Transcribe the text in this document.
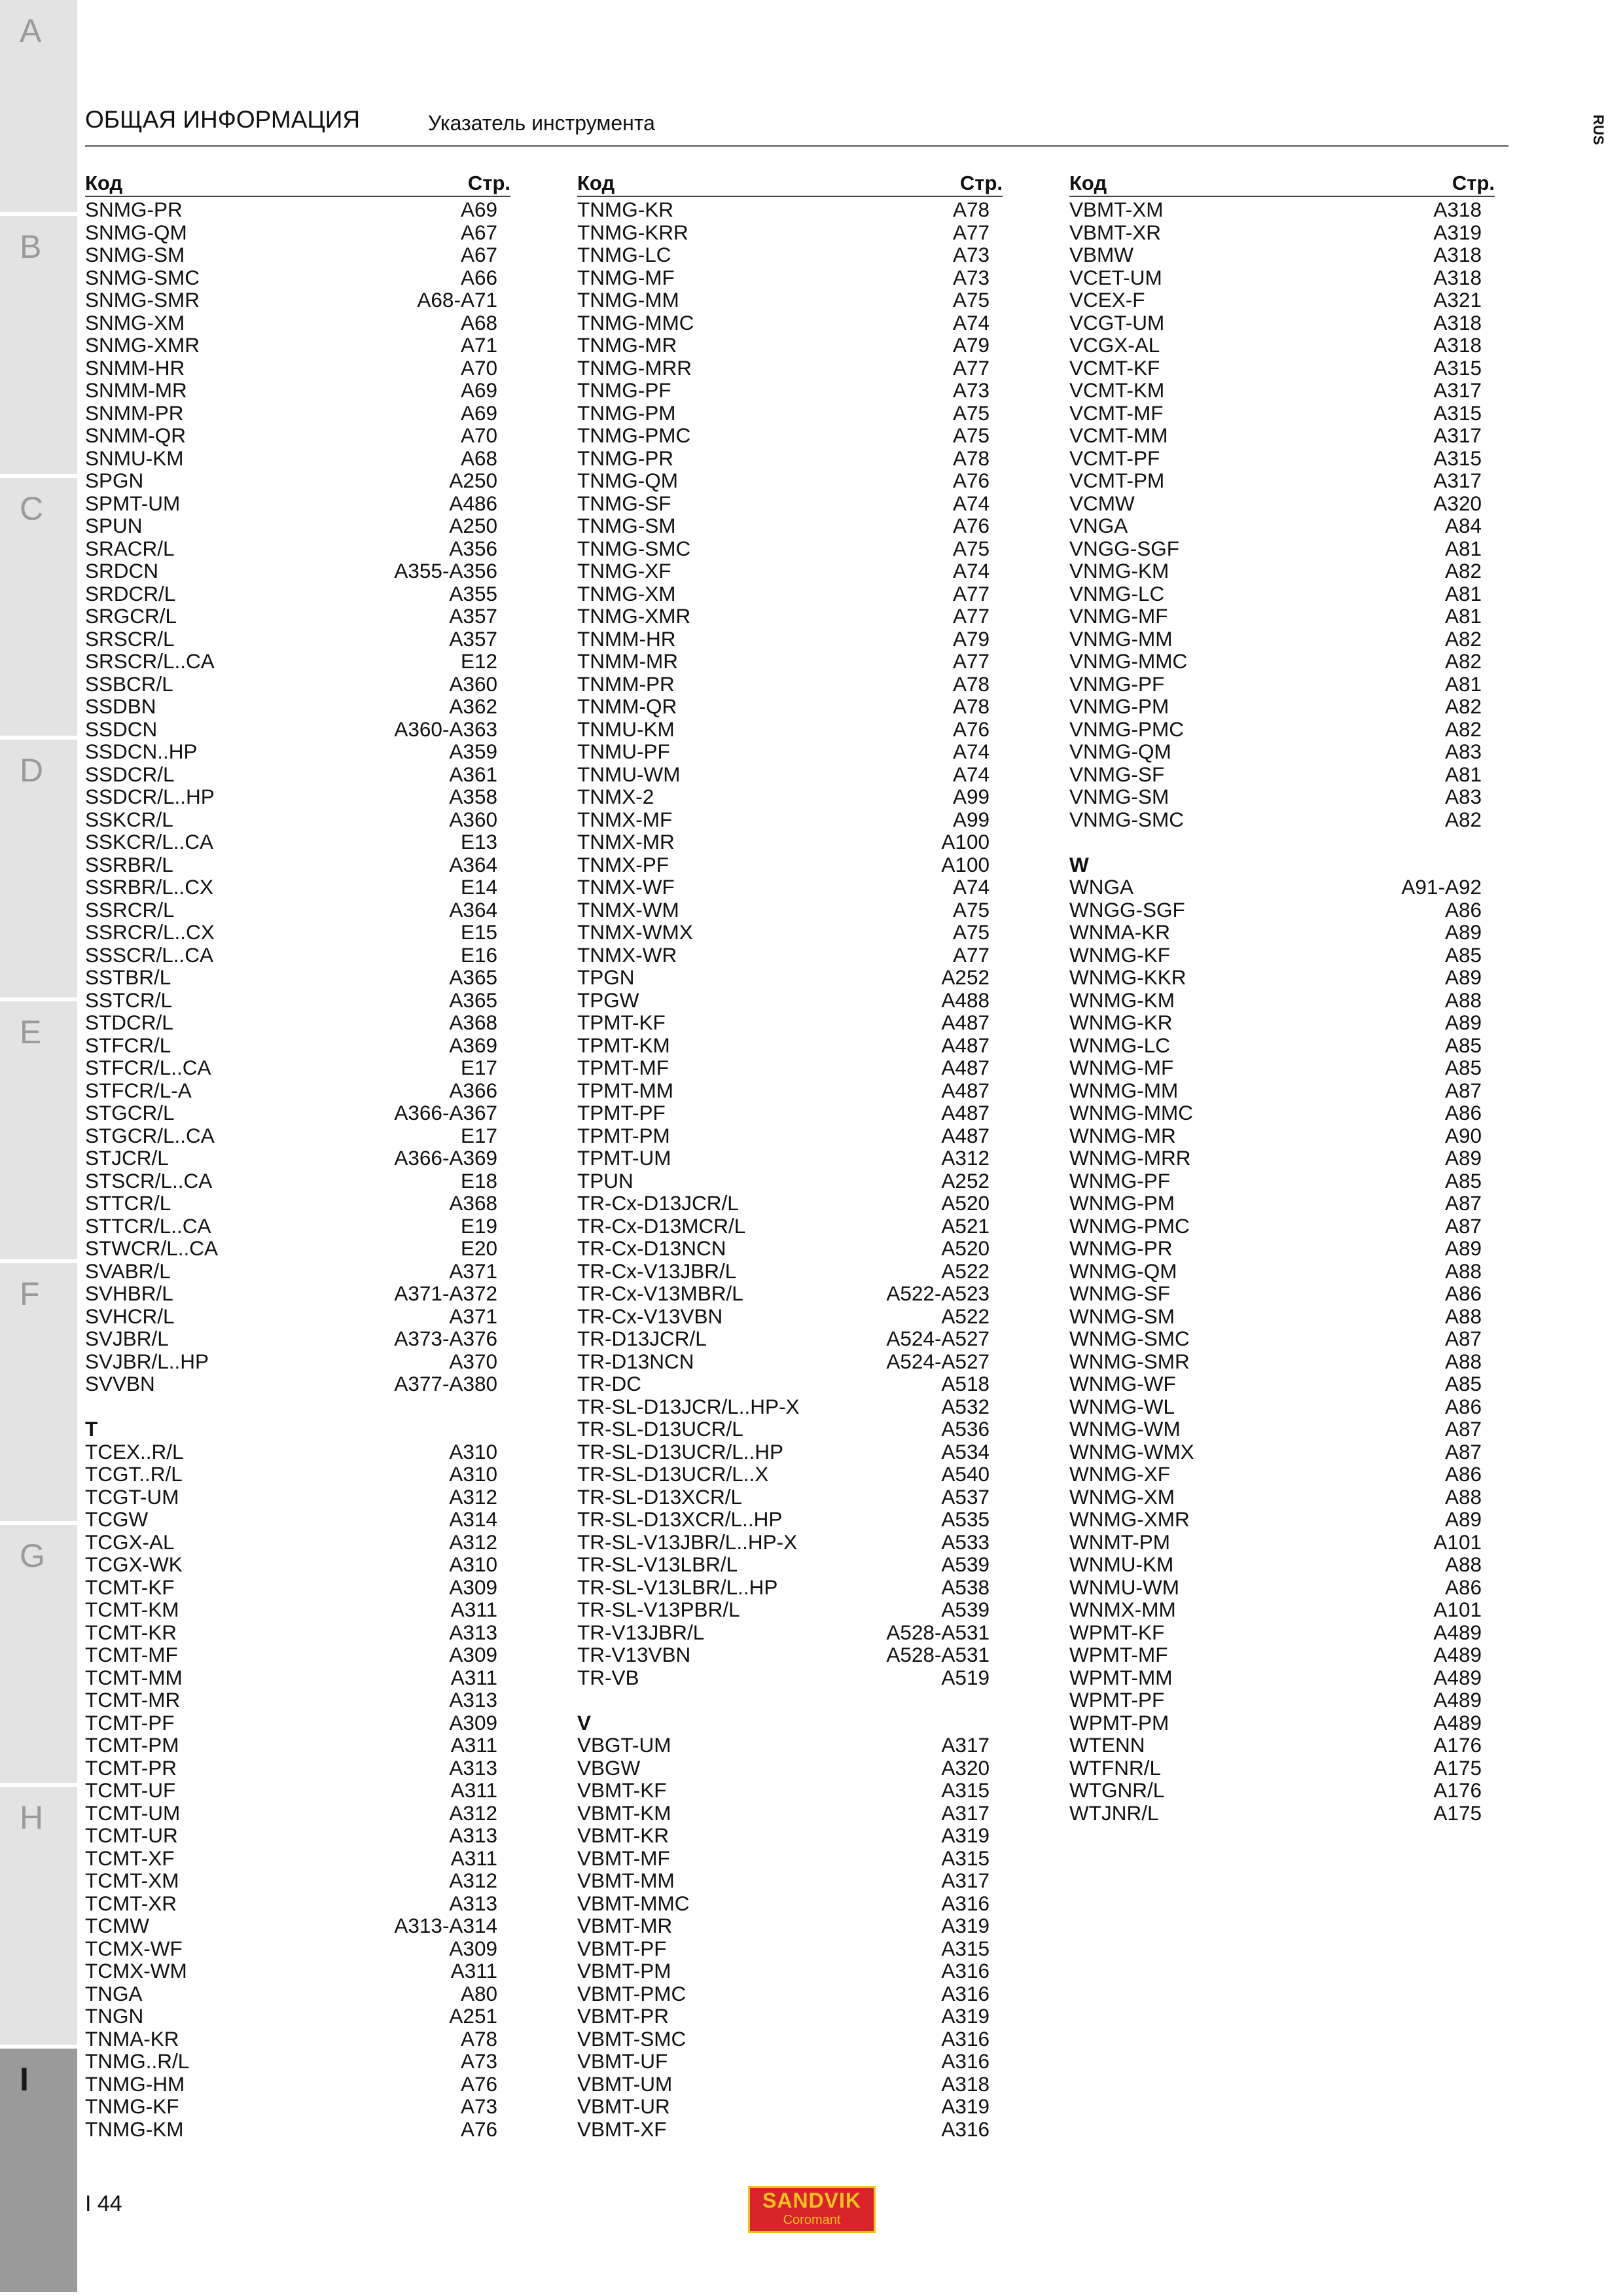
A
B
C
D
E
F
G
H
I
ОБЩАЯ ИНФОРМАЦИЯ	Указатель инструмента	RUS
Код	Стр.
SNMG-PR	A69
SNMG-QM	A67
SNMG-SM	A67
SNMG-SMC	A66
SNMG-SMR	A68-A71
SNMG-XM	A68
SNMG-XMR	A71
SNMM-HR	A70
SNMM-MR	A69
SNMM-PR	A69
SNMM-QR	A70
SNMU-KM	A68
SPGN	A250
SPMT-UM	A486
SPUN	A250
SRACR/L	A356
SRDCN	A355-A356
SRDCR/L	A355
SRGCR/L	A357
SRSCR/L	A357
SRSCR/L..CA	E12
SSBCR/L	A360
SSDBN	A362
SSDCN	A360-A363
SSDCN..HP	A359
SSDCR/L	A361
SSDCR/L..HP	A358
SSKCR/L	A360
SSKCR/L..CA	E13
SSRBR/L	A364
SSRBR/L..CX	E14
SSRCR/L	A364
SSRCR/L..CX	E15
SSSCR/L..CA	E16
SSTBR/L	A365
SSTCR/L	A365
STDCR/L	A368
STFCR/L	A369
STFCR/L..CA	E17
STFCR/L-A	A366
STGCR/L	A366-A367
STGCR/L..CA	E17
STJCR/L	A366-A369
STSCR/L..CA	E18
STTCR/L	A368
STTCR/L..CA	E19
STWCR/L..CA	E20
SVABR/L	A371
SVHBR/L	A371-A372
SVHCR/L	A371
SVJBR/L	A373-A376
SVJBR/L..HP	A370
SVVBN	A377-A380
T
TCEX..R/L	A310
TCGT..R/L	A310
TCGT-UM	A312
TCGW	A314
TCGX-AL	A312
TCGX-WK	A310
TCMT-KF	A309
TCMT-KM	A311
TCMT-KR	A313
TCMT-MF	A309
TCMT-MM	A311
TCMT-MR	A313
TCMT-PF	A309
TCMT-PM	A311
TCMT-PR	A313
TCMT-UF	A311
TCMT-UM	A312
TCMT-UR	A313
TCMT-XF	A311
TCMT-XM	A312
TCMT-XR	A313
TCMW	A313-A314
TCMX-WF	A309
TCMX-WM	A311
TNGA	A80
TNGN	A251
TNMA-KR	A78
TNMG..R/L	A73
TNMG-HM	A76
TNMG-KF	A73
TNMG-KM	A76
Код	Стр.
TNMG-KR	A78
TNMG-KRR	A77
TNMG-LC	A73
TNMG-MF	A73
TNMG-MM	A75
TNMG-MMC	A74
TNMG-MR	A79
TNMG-MRR	A77
TNMG-PF	A73
TNMG-PM	A75
TNMG-PMC	A75
TNMG-PR	A78
TNMG-QM	A76
TNMG-SF	A74
TNMG-SM	A76
TNMG-SMC	A75
TNMG-XF	A74
TNMG-XM	A77
TNMG-XMR	A77
TNMM-HR	A79
TNMM-MR	A77
TNMM-PR	A78
TNMM-QR	A78
TNMU-KM	A76
TNMU-PF	A74
TNMU-WM	A74
TNMX-2	A99
TNMX-MF	A99
TNMX-MR	A100
TNMX-PF	A100
TNMX-WF	A74
TNMX-WM	A75
TNMX-WMX	A75
TNMX-WR	A77
TPGN	A252
TPGW	A488
TPMT-KF	A487
TPMT-KM	A487
TPMT-MF	A487
TPMT-MM	A487
TPMT-PF	A487
TPMT-PM	A487
TPMT-UM	A312
TPUN	A252
TR-Cx-D13JCR/L	A520
TR-Cx-D13MCR/L	A521
TR-Cx-D13NCN	A520
TR-Cx-V13JBR/L	A522
TR-Cx-V13MBR/L	A522-A523
TR-Cx-V13VBN	A522
TR-D13JCR/L	A524-A527
TR-D13NCN	A524-A527
TR-DC	A518
TR-SL-D13JCR/L..HP-X	A532
TR-SL-D13UCR/L	A536
TR-SL-D13UCR/L..HP	A534
TR-SL-D13UCR/L..X	A540
TR-SL-D13XCR/L	A537
TR-SL-D13XCR/L..HP	A535
TR-SL-V13JBR/L..HP-X	A533
TR-SL-V13LBR/L	A539
TR-SL-V13LBR/L..HP	A538
TR-SL-V13PBR/L	A539
TR-V13JBR/L	A528-A531
TR-V13VBN	A528-A531
TR-VB	A519
V
VBGT-UM	A317
VBGW	A320
VBMT-KF	A315
VBMT-KM	A317
VBMT-KR	A319
VBMT-MF	A315
VBMT-MM	A317
VBMT-MMC	A316
VBMT-MR	A319
VBMT-PF	A315
VBMT-PM	A316
VBMT-PMC	A316
VBMT-PR	A319
VBMT-SMC	A316
VBMT-UF	A316
VBMT-UM	A318
VBMT-UR	A319
VBMT-XF	A316
Код	Стр.
VBMT-XM	A318
VBMT-XR	A319
VBMW	A318
VCET-UM	A318
VCEX-F	A321
VCGT-UM	A318
VCGX-AL	A318
VCMT-KF	A315
VCMT-KM	A317
VCMT-MF	A315
VCMT-MM	A317
VCMT-PF	A315
VCMT-PM	A317
VCMW	A320
VNGA	A84
VNGG-SGF	A81
VNMG-KM	A82
VNMG-LC	A81
VNMG-MF	A81
VNMG-MM	A82
VNMG-MMC	A82
VNMG-PF	A81
VNMG-PM	A82
VNMG-PMC	A82
VNMG-QM	A83
VNMG-SF	A81
VNMG-SM	A83
VNMG-SMC	A82
W
WNGA	A91-A92
WNGG-SGF	A86
WNMA-KR	A89
WNMG-KF	A85
WNMG-KKR	A89
WNMG-KM	A88
WNMG-KR	A89
WNMG-LC	A85
WNMG-MF	A85
WNMG-MM	A87
WNMG-MMC	A86
WNMG-MR	A90
WNMG-MRR	A89
WNMG-PF	A85
WNMG-PM	A87
WNMG-PMC	A87
WNMG-PR	A89
WNMG-QM	A88
WNMG-SF	A86
WNMG-SM	A88
WNMG-SMC	A87
WNMG-SMR	A88
WNMG-WF	A85
WNMG-WL	A86
WNMG-WM	A87
WNMG-WMX	A87
WNMG-XF	A86
WNMG-XM	A88
WNMG-XMR	A89
WNMT-PM	A101
WNMU-KM	A88
WNMU-WM	A86
WNMX-MM	A101
WPMT-KF	A489
WPMT-MF	A489
WPMT-MM	A489
WPMT-PF	A489
WPMT-PM	A489
WTENN	A176
WTFNR/L	A175
WTGNR/L	A176
WTJNR/L	A175
I 44	SANDVIK
Coromant
